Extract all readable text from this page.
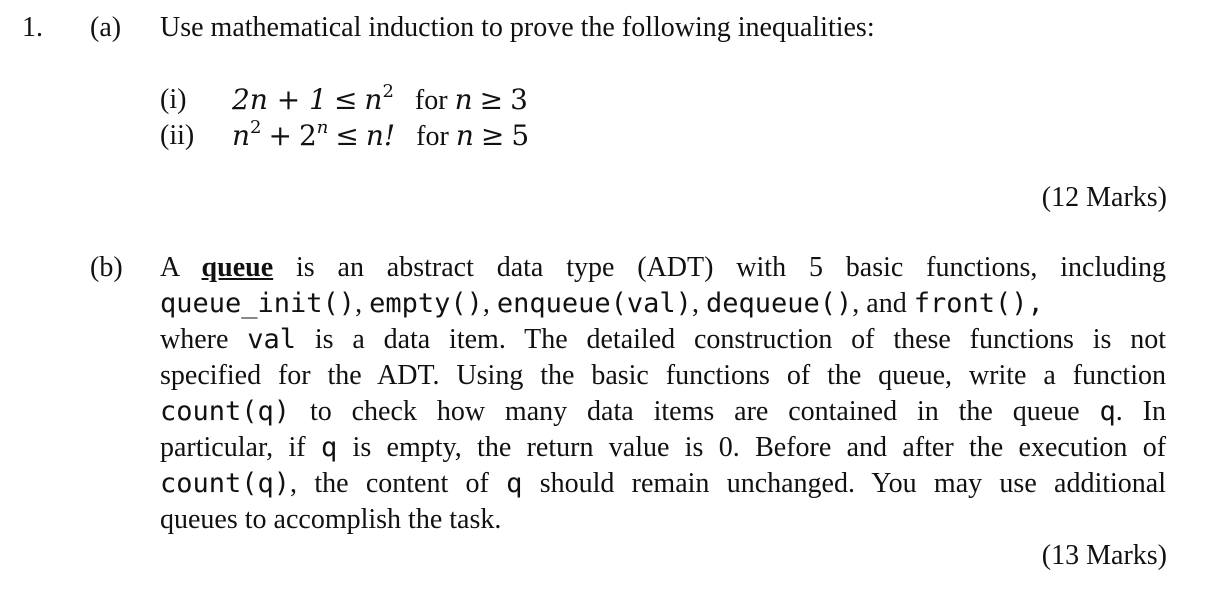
1. (a) Use mathematical induction to prove the following inequalities:
(i) $2n + 1 \le n^2$ for n ≥ 3
(ii) $n^2 + 2^n \le n$! for n ≥ 5
(12 Marks)
(b) A queue is an abstract data type (ADT) with 5 basic functions, including
queue_init(), empty(), enqueue(val), dequeue(), and front(),
where val is a data item. The detailed construction of these functions is not
specified for the ADT. Using the basic functions of the queue, write a function
count(q) to check how many data items are contained in the queue q. In
particular, if q is empty, the return value is 0. Before and after the execution of
count(q), the content of q should remain unchanged. You may use additional
queues to accomplish the task.
(13 Marks)
